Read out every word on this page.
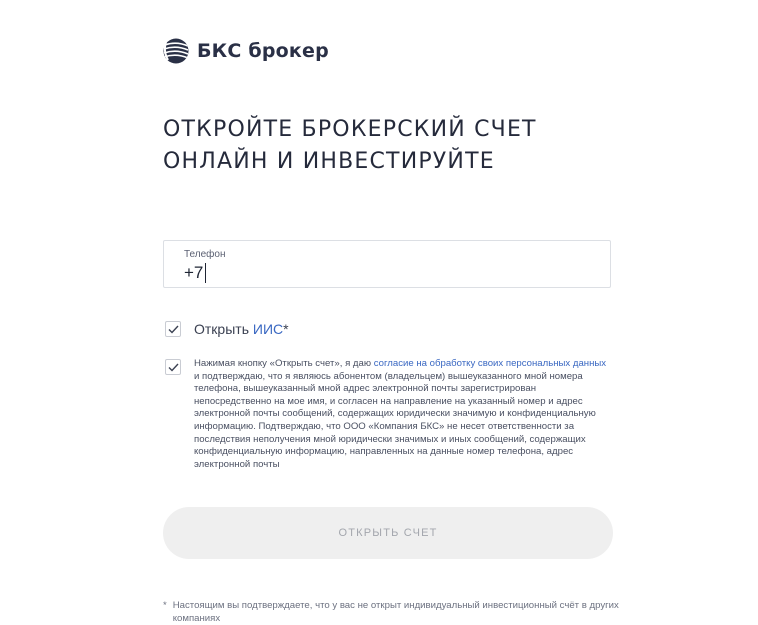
БКС брокер
ОТКРОЙТЕ БРОКЕРСКИЙ СЧЕТ
ОНЛАЙН И ИНВЕСТИРУЙТЕ
Телефон
+7
Открыть ИИС*

Нажимая кнопку «Открыть счет», я даю согласие на обработку своих персональных данных и подтверждаю, что я являюсь абонентом (владельцем) вышеуказанного мной номера телефона, вышеуказанный мной адрес электронной почты зарегистрирован непосредственно на мое имя, и согласен на направление на указанный номер и адрес электронной почты сообщений, содержащих юридически значимую и конфиденциальную информацию. Подтверждаю, что ООО «Компания БКС» не несет ответственности за последствия неполучения мной юридически значимых и иных сообщений, содержащих конфиденциальную информацию, направленных на данные номер телефона, адрес электронной почты

ОТКРЫТЬ СЧЕТ
* Настоящим вы подтверждаете, что у вас не открыт индивидуальный инвестиционный счёт в других компаниях
